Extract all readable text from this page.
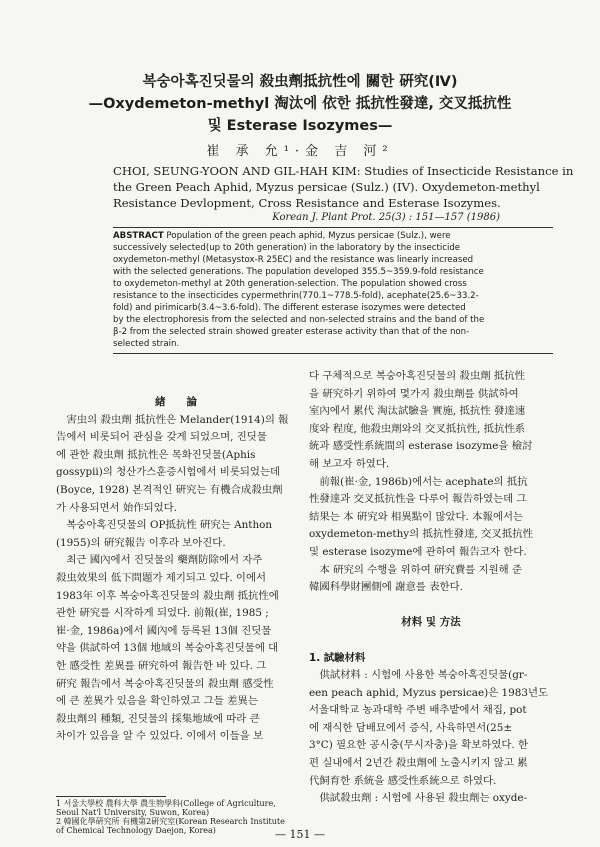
복숭아혹진딧물의 殺虫劑抵抗性에 關한 硏究(Ⅳ)
—Oxydemeton-methyl 淘汰에 依한 抵抗性發達, 交叉抵抗性
및 Esterase Isozymes—
崔 承 允¹·金 吉 河²
CHOI, SEUNG-YOON AND GIL-HAH KIM: Studies of Insecticide Resistance in
the Green Peach Aphid, Myzus persicae (Sulz.) (IV). Oxydemeton-methyl
Resistance Devlopment, Cross Resistance and Esterase Isozymes.
Korean J. Plant Prot. 25(3) : 151—157 (1986)
ABSTRACT Population of the green peach aphid, Myzus persicae (Sulz.), were
successively selected(up to 20th generation) in the laboratory by the insecticide
oxydemeton-methyl (Metasystox-R 25EC) and the resistance was linearly increased
with the selected generations. The population developed 355.5~359.9-fold resistance
to oxydemeton-methyl at 20th generation-selection. The population showed cross
resistance to the insecticides cypermethrin(770.1~778.5-fold), acephate(25.6~33.2-
fold) and pirimicarb(3.4~3.6-fold). The different esterase isozymes were detected
by the electrophoresis from the selected and non-selected strains and the band of the
β-2 from the selected strain showed greater esterase activity than that of the non-
selected strain.
緖　　論
　害虫의 殺虫劑 抵抗性은 Melander(1914)의 報
告에서 비롯되어 관심을 갖게 되었으며, 진딧물
에 관한 殺虫劑 抵抗性은 목화진딧물(Aphis
gossypii)의 청산가스훈증시험에서 비롯되었는데
(Boyce, 1928) 본격적인 硏究는 有機合成殺虫劑
가 사용되면서 始作되었다.
　복숭아혹진딧물의 OP抵抗性 硏究는 Anthon
(1955)의 硏究報告 이후라 보아진다.
　최근 國內에서 진딧물의 藥劑防除에서 자주
殺虫效果의 低下問題가 제기되고 있다. 이에서
1983年 이후 복숭아혹진딧물의 殺虫劑 抵抗性에
관한 硏究를 시작하게 되었다. 前報(崔, 1985 ;
崔·金, 1986a)에서 國內에 등록된 13個 진딧물
약을 供試하여 13個 地域의 복숭아혹진딧물에 대
한 感受性 差異를 硏究하여 報告한 바 있다. 그
硏究 報告에서 복숭아혹진딧물의 殺虫劑 感受性
에 큰 差異가 있음을 확인하였고 그들 差異는
殺虫劑의 種類, 진딧물의 採集地域에 따라 큰
차이가 있음을 알 수 있었다. 이에서 이들을 보
다 구체적으로 복숭아혹진딧물의 殺虫劑 抵抗性
을 硏究하기 위하여 몇가지 殺虫劑를 供試하여
室內에서 累代 淘汰試驗을 實施, 抵抗性 發達速
度와 程度, 他殺虫劑와의 交叉抵抗性, 抵抗性系
統과 感受性系統間의 esterase isozyme을 檢討
해 보고자 하였다.
　前報(崔·金, 1986b)에서는 acephate의 抵抗
性發達과 交叉抵抗性을 다루어 報告하였는데 그
結果는 本 硏究와 相異點이 많았다. 本報에서는
oxydemeton-methy의 抵抗性發達, 交叉抵抗性
및 esterase isozyme에 관하여 報告코자 한다.
　本 硏究의 수행을 위하여 硏究費를 지원해 준
韓國科學財團側에 謝意를 表한다.
材料 및 方法
1. 試驗材料
　供試材料 : 시험에 사용한 복숭아혹진딧물(gr-
een peach aphid, Myzus persicae)은 1983년도
서울대학교 농과대학 주변 배추밭에서 채집, pot
에 재식한 담배묘에서 증식, 사육하면서(25±
3°C) 필요한 공시충(무시자충)을 확보하였다. 한
편 실내에서 2년간 殺虫劑에 노출시키지 않고 累
代飼育한 系統을 感受性系統으로 하였다.
　供試殺虫劑 : 시험에 사용된 殺虫劑는 oxyde-
1 서울大學校 農科大學 農生物學科(College of Agriculture,
Seoul Nat'l University, Suwon, Korea)
2 韓國化學硏究所 有機第2硏究室(Korean Research Institute
of Chemical Technology Daejon, Korea)	— 151 —
